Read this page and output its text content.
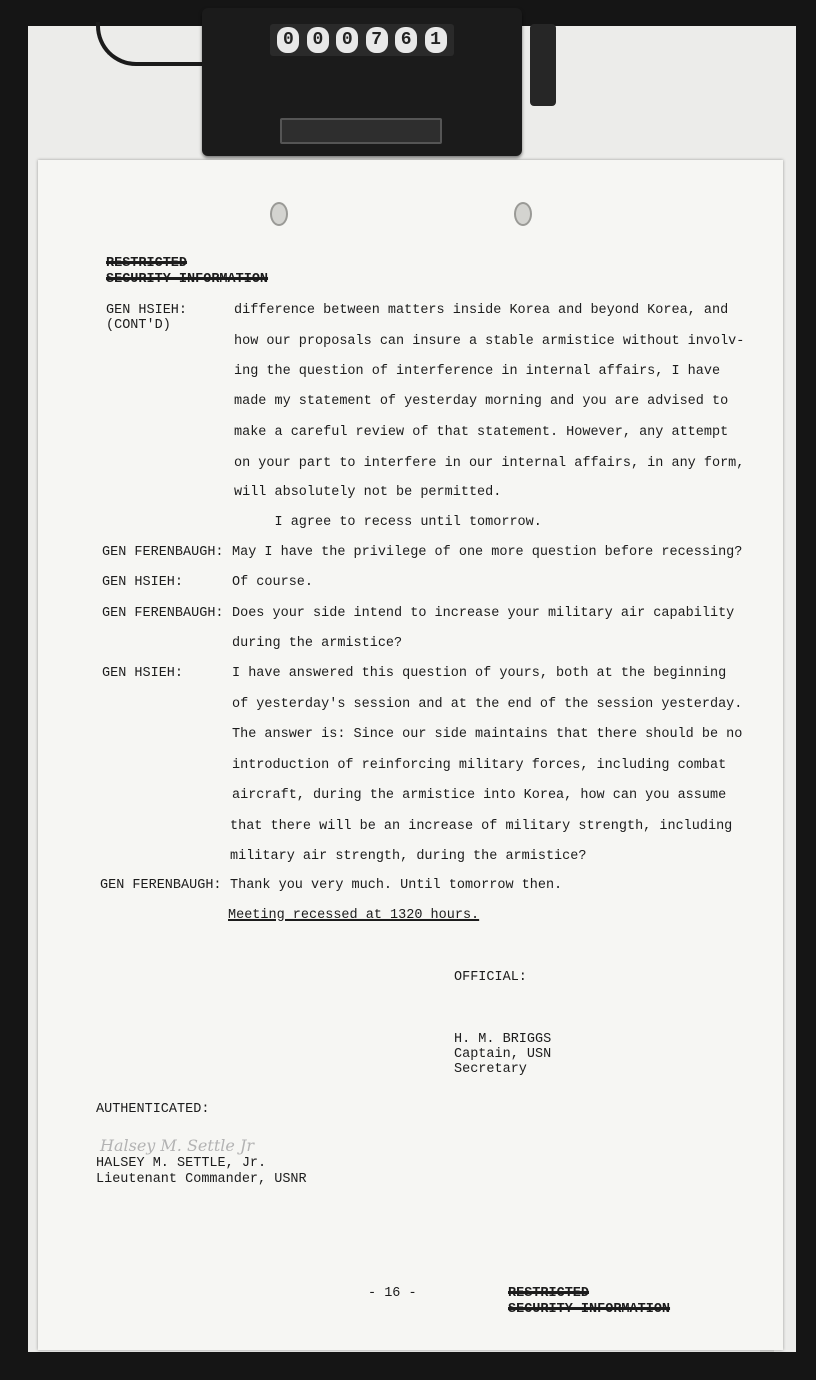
0	0	0	7	6	1
RESTRICTED
SECURITY INFORMATION
GEN HSIEH:
(CONT'D)
difference between matters inside Korea and beyond Korea, and
how our proposals can insure a stable armistice without involv-
ing the question of interference in internal affairs, I have
made my statement of yesterday morning and you are advised to
make a careful review of that statement. However, any attempt
on your part to interfere in our internal affairs, in any form,
will absolutely not be permitted.
I agree to recess until tomorrow.
GEN FERENBAUGH: May I have the privilege of one more question before recessing?
GEN HSIEH:	Of course.
GEN FERENBAUGH: Does your side intend to increase your military air capability
during the armistice?
GEN HSIEH:	I have answered this question of yours, both at the beginning
of yesterday's session and at the end of the session yesterday.
The answer is: Since our side maintains that there should be no
introduction of reinforcing military forces, including combat
aircraft, during the armistice into Korea, how can you assume
that there will be an increase of military strength, including
military air strength, during the armistice?
GEN FERENBAUGH: Thank you very much. Until tomorrow then.
Meeting recessed at 1320 hours.
OFFICIAL:
H. M. BRIGGS
Captain, USN
Secretary
AUTHENTICATED:
Halsey M. Settle Jr
HALSEY M. SETTLE, Jr.
Lieutenant Commander, USNR
- 16 -	RESTRICTED
SECURITY INFORMATION
